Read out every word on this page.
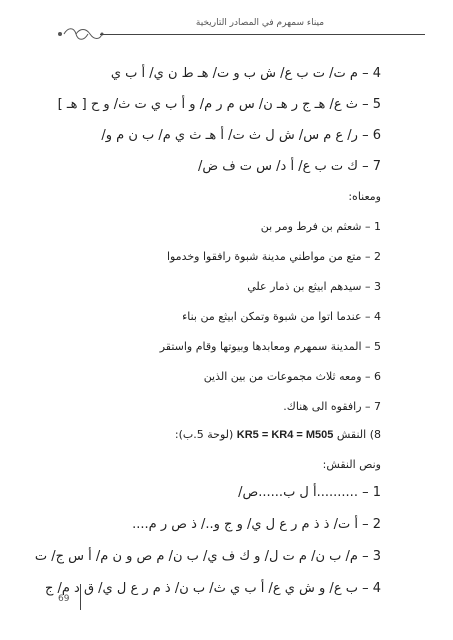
ميناء سمهرم في المصادر التاريخية
4 – م ت/ ت ب ع/ ش ب و ت/ هـ ط ن ي/ أ ب ي
5 – ث ع/ هـ ج ر هـ ن/ س م ر م/ و أ ب ي ت ث/ و ح [ هـ ]
6 – ر/ ع م س/ ش ل ث ت/ أ هـ ث ي م/ ب ن م و/
7 – ك ت ب ع/ أ د/ س ت ف ض/
ومعناه:
1 – شعثم بن فرط ومر بن
2 – متع من مواطني مدينة شبوة رافقوا وخدموا
3 – سيدهم ابيثع بن ذمار علي
4 – عندما اتوا من شبوة وتمكن ابيثع من بناء
5 – المدينة سمهرم ومعابدها وبيوتها وقام واستقر
6 – ومعه ثلاث مجموعات من بين الذين
7 – رافقوه الى هناك.
8) النقش KR5 = KR4 = M505 (لوحة 5.ب):
ونص النقش:
1 – ..........أ ل ب......ص/
2 – أ ت/ ذ ذ م ر ع ل ي/ و ج و../ ذ ص ر م....
3 – م/ ب ن/ م ت ل/ و ك ف ي/ ب ن/ م ص و ن م/ أ س ج/ ت
4 – ب ع/ و ش ي ع/ أ ب ي ث/ ب ن/ ذ م ر ع ل ي/ ق د م/ ج
69
